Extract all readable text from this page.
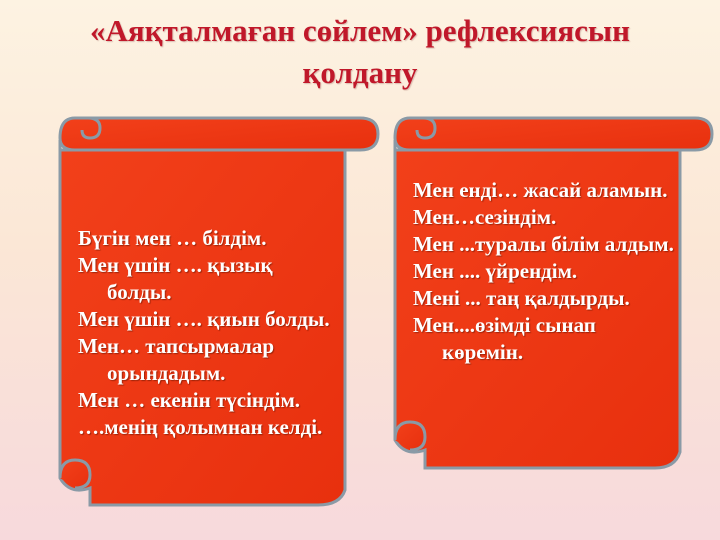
«Аяқталмаған сөйлем» рефлексиясын
қолдану

Бүгін мен … білдім.

Мен үшін …. қызық болды.

Мен үшін …. қиын болды.

Мен… тапсырмалар орындадым.

Мен … екенін түсіндім.

….менің қолымнан келді.

Мен енді… жасай аламын.

Мен…сезіндім.

Мен ...туралы білім алдым.

Мен .... үйрендім.

Мені ... таң қалдырды.

Мен....өзімді сынап көремін.
